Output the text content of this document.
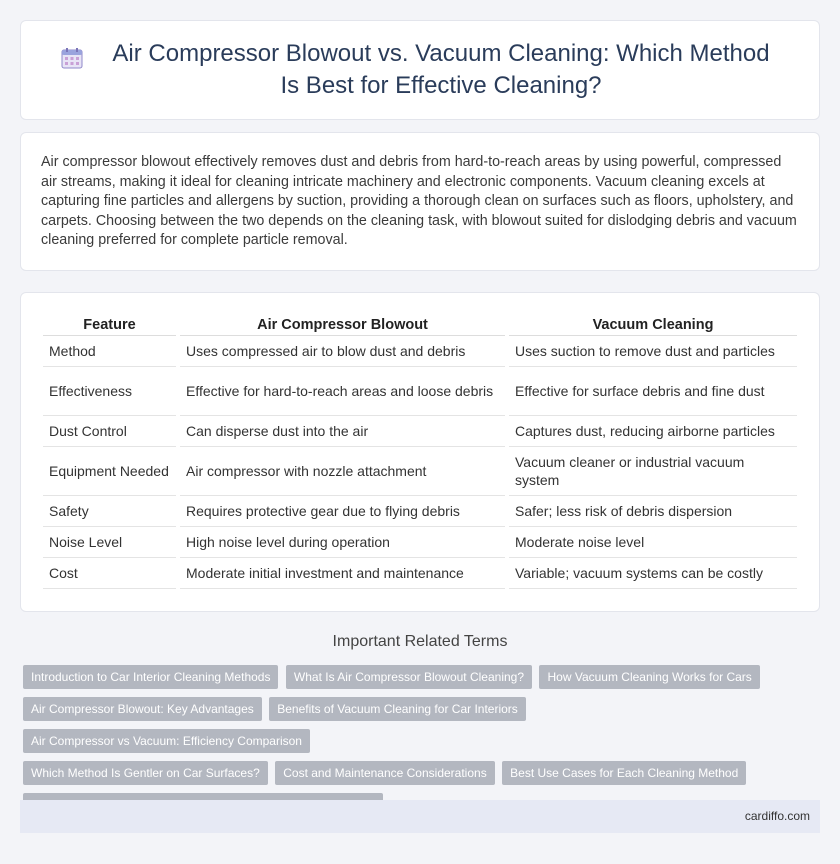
Air Compressor Blowout vs. Vacuum Cleaning: Which Method Is Best for Effective Cleaning?

Air compressor blowout effectively removes dust and debris from hard-to-reach areas by using powerful, compressed air streams, making it ideal for cleaning intricate machinery and electronic components. Vacuum cleaning excels at capturing fine particles and allergens by suction, providing a thorough clean on surfaces such as floors, upholstery, and carpets. Choosing between the two depends on the cleaning task, with blowout suited for dislodging debris and vacuum cleaning preferred for complete particle removal.

Feature	Air Compressor Blowout	Vacuum Cleaning
Method	Uses compressed air to blow dust and debris	Uses suction to remove dust and particles
Effectiveness	Effective for hard-to-reach areas and loose debris	Effective for surface debris and fine dust
Dust Control	Can disperse dust into the air	Captures dust, reducing airborne particles
Equipment Needed	Air compressor with nozzle attachment	Vacuum cleaner or industrial vacuum system
Safety	Requires protective gear due to flying debris	Safer; less risk of debris dispersion
Noise Level	High noise level during operation	Moderate noise level
Cost	Moderate initial investment and maintenance	Variable; vacuum systems can be costly
Important Related Terms
Introduction to Car Interior Cleaning Methods What Is Air Compressor Blowout Cleaning? How Vacuum Cleaning Works for Cars
Air Compressor Blowout: Key Advantages Benefits of Vacuum Cleaning for Car Interiors Air Compressor vs Vacuum: Efficiency Comparison
Which Method Is Gentler on Car Surfaces? Cost and Maintenance Considerations Best Use Cases for Each Cleaning Method

cardiffo.com
